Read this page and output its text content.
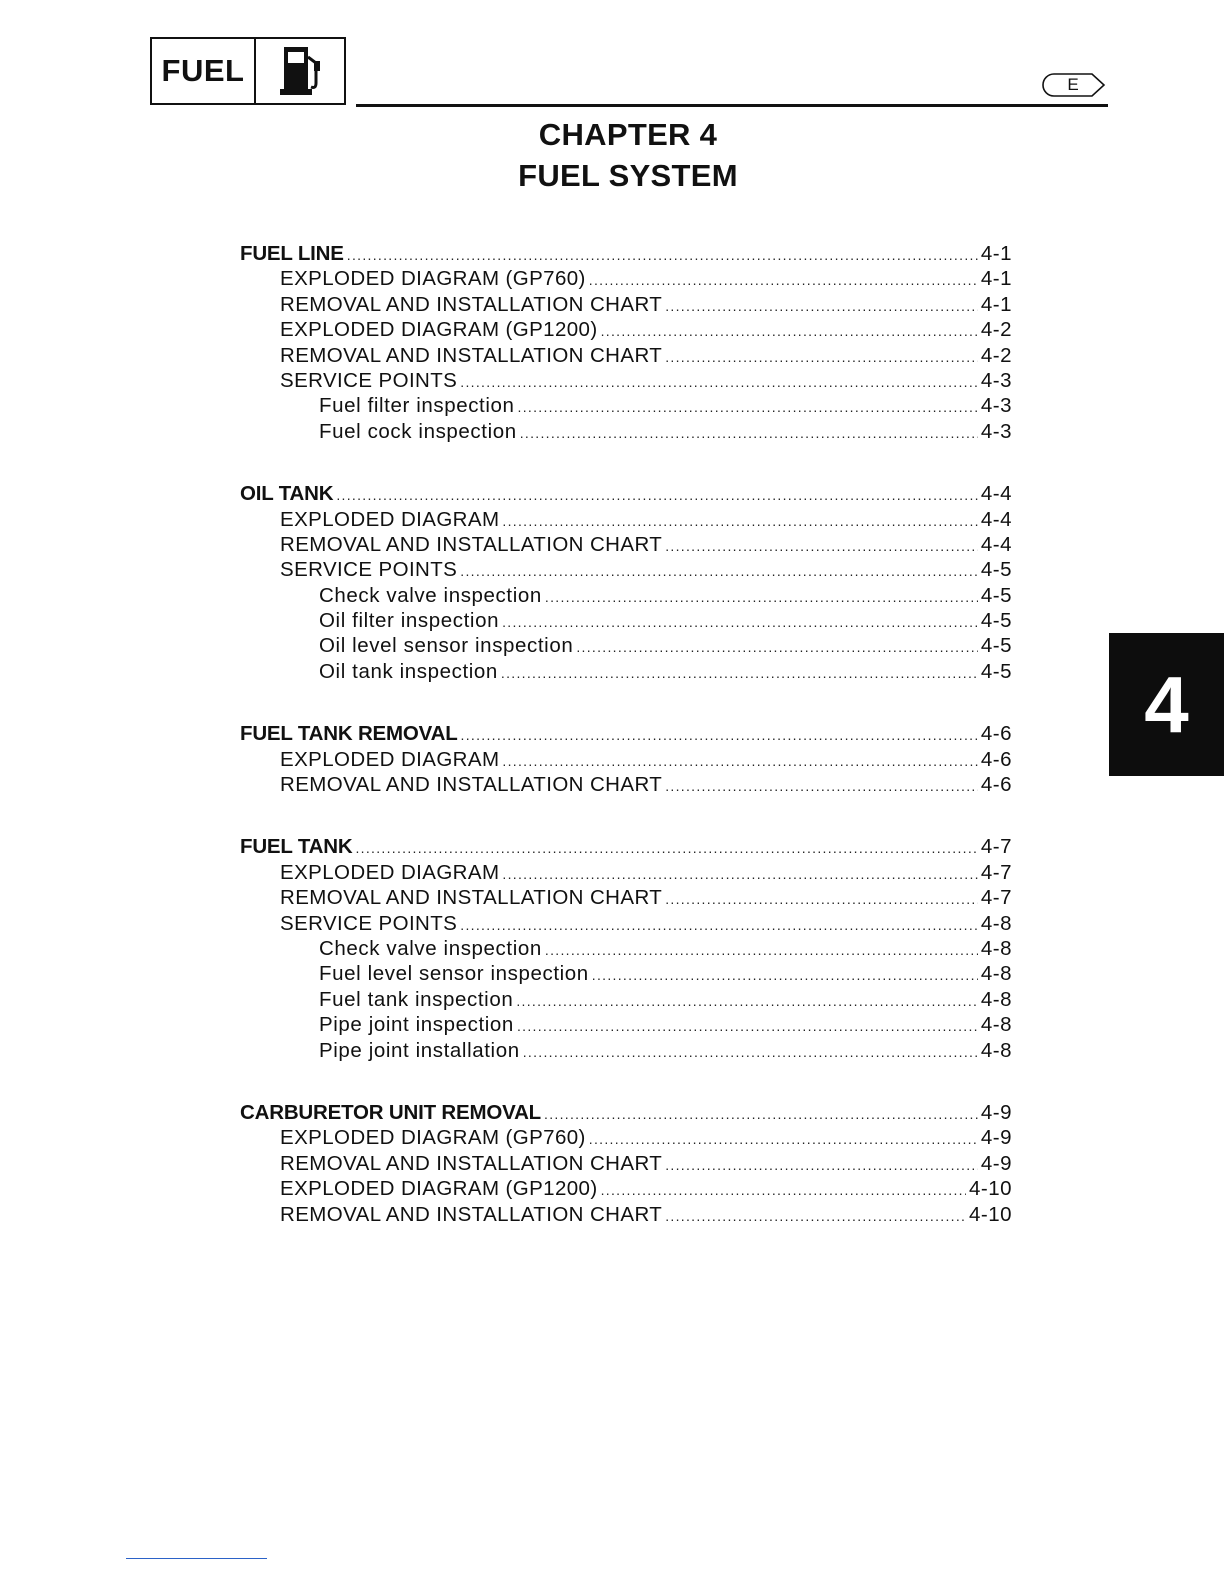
FUEL	E
CHAPTER 4
FUEL SYSTEM
FUEL LINE .....	4-1
EXPLODED DIAGRAM (GP760) .....	4-1
REMOVAL AND INSTALLATION CHART .....	4-1
EXPLODED DIAGRAM (GP1200) .....	4-2
REMOVAL AND INSTALLATION CHART .....	4-2
SERVICE POINTS .....	4-3
Fuel filter inspection .....	4-3
Fuel cock inspection .....	4-3
OIL TANK .....	4-4
EXPLODED DIAGRAM .....	4-4
REMOVAL AND INSTALLATION CHART .....	4-4
SERVICE POINTS .....	4-5
Check valve inspection .....	4-5
Oil filter inspection .....	4-5
Oil level sensor inspection .....	4-5
Oil tank inspection .....	4-5
FUEL TANK REMOVAL .....	4-6
EXPLODED DIAGRAM .....	4-6
REMOVAL AND INSTALLATION CHART .....	4-6
FUEL TANK .....	4-7
EXPLODED DIAGRAM .....	4-7
REMOVAL AND INSTALLATION CHART .....	4-7
SERVICE POINTS .....	4-8
Check valve inspection .....	4-8
Fuel level sensor inspection .....	4-8
Fuel tank inspection .....	4-8
Pipe joint inspection .....	4-8
Pipe joint installation .....	4-8
CARBURETOR UNIT REMOVAL .....	4-9
EXPLODED DIAGRAM (GP760) .....	4-9
REMOVAL AND INSTALLATION CHART .....	4-9
EXPLODED DIAGRAM (GP1200) .....	4-10
REMOVAL AND INSTALLATION CHART .....	4-10
4
